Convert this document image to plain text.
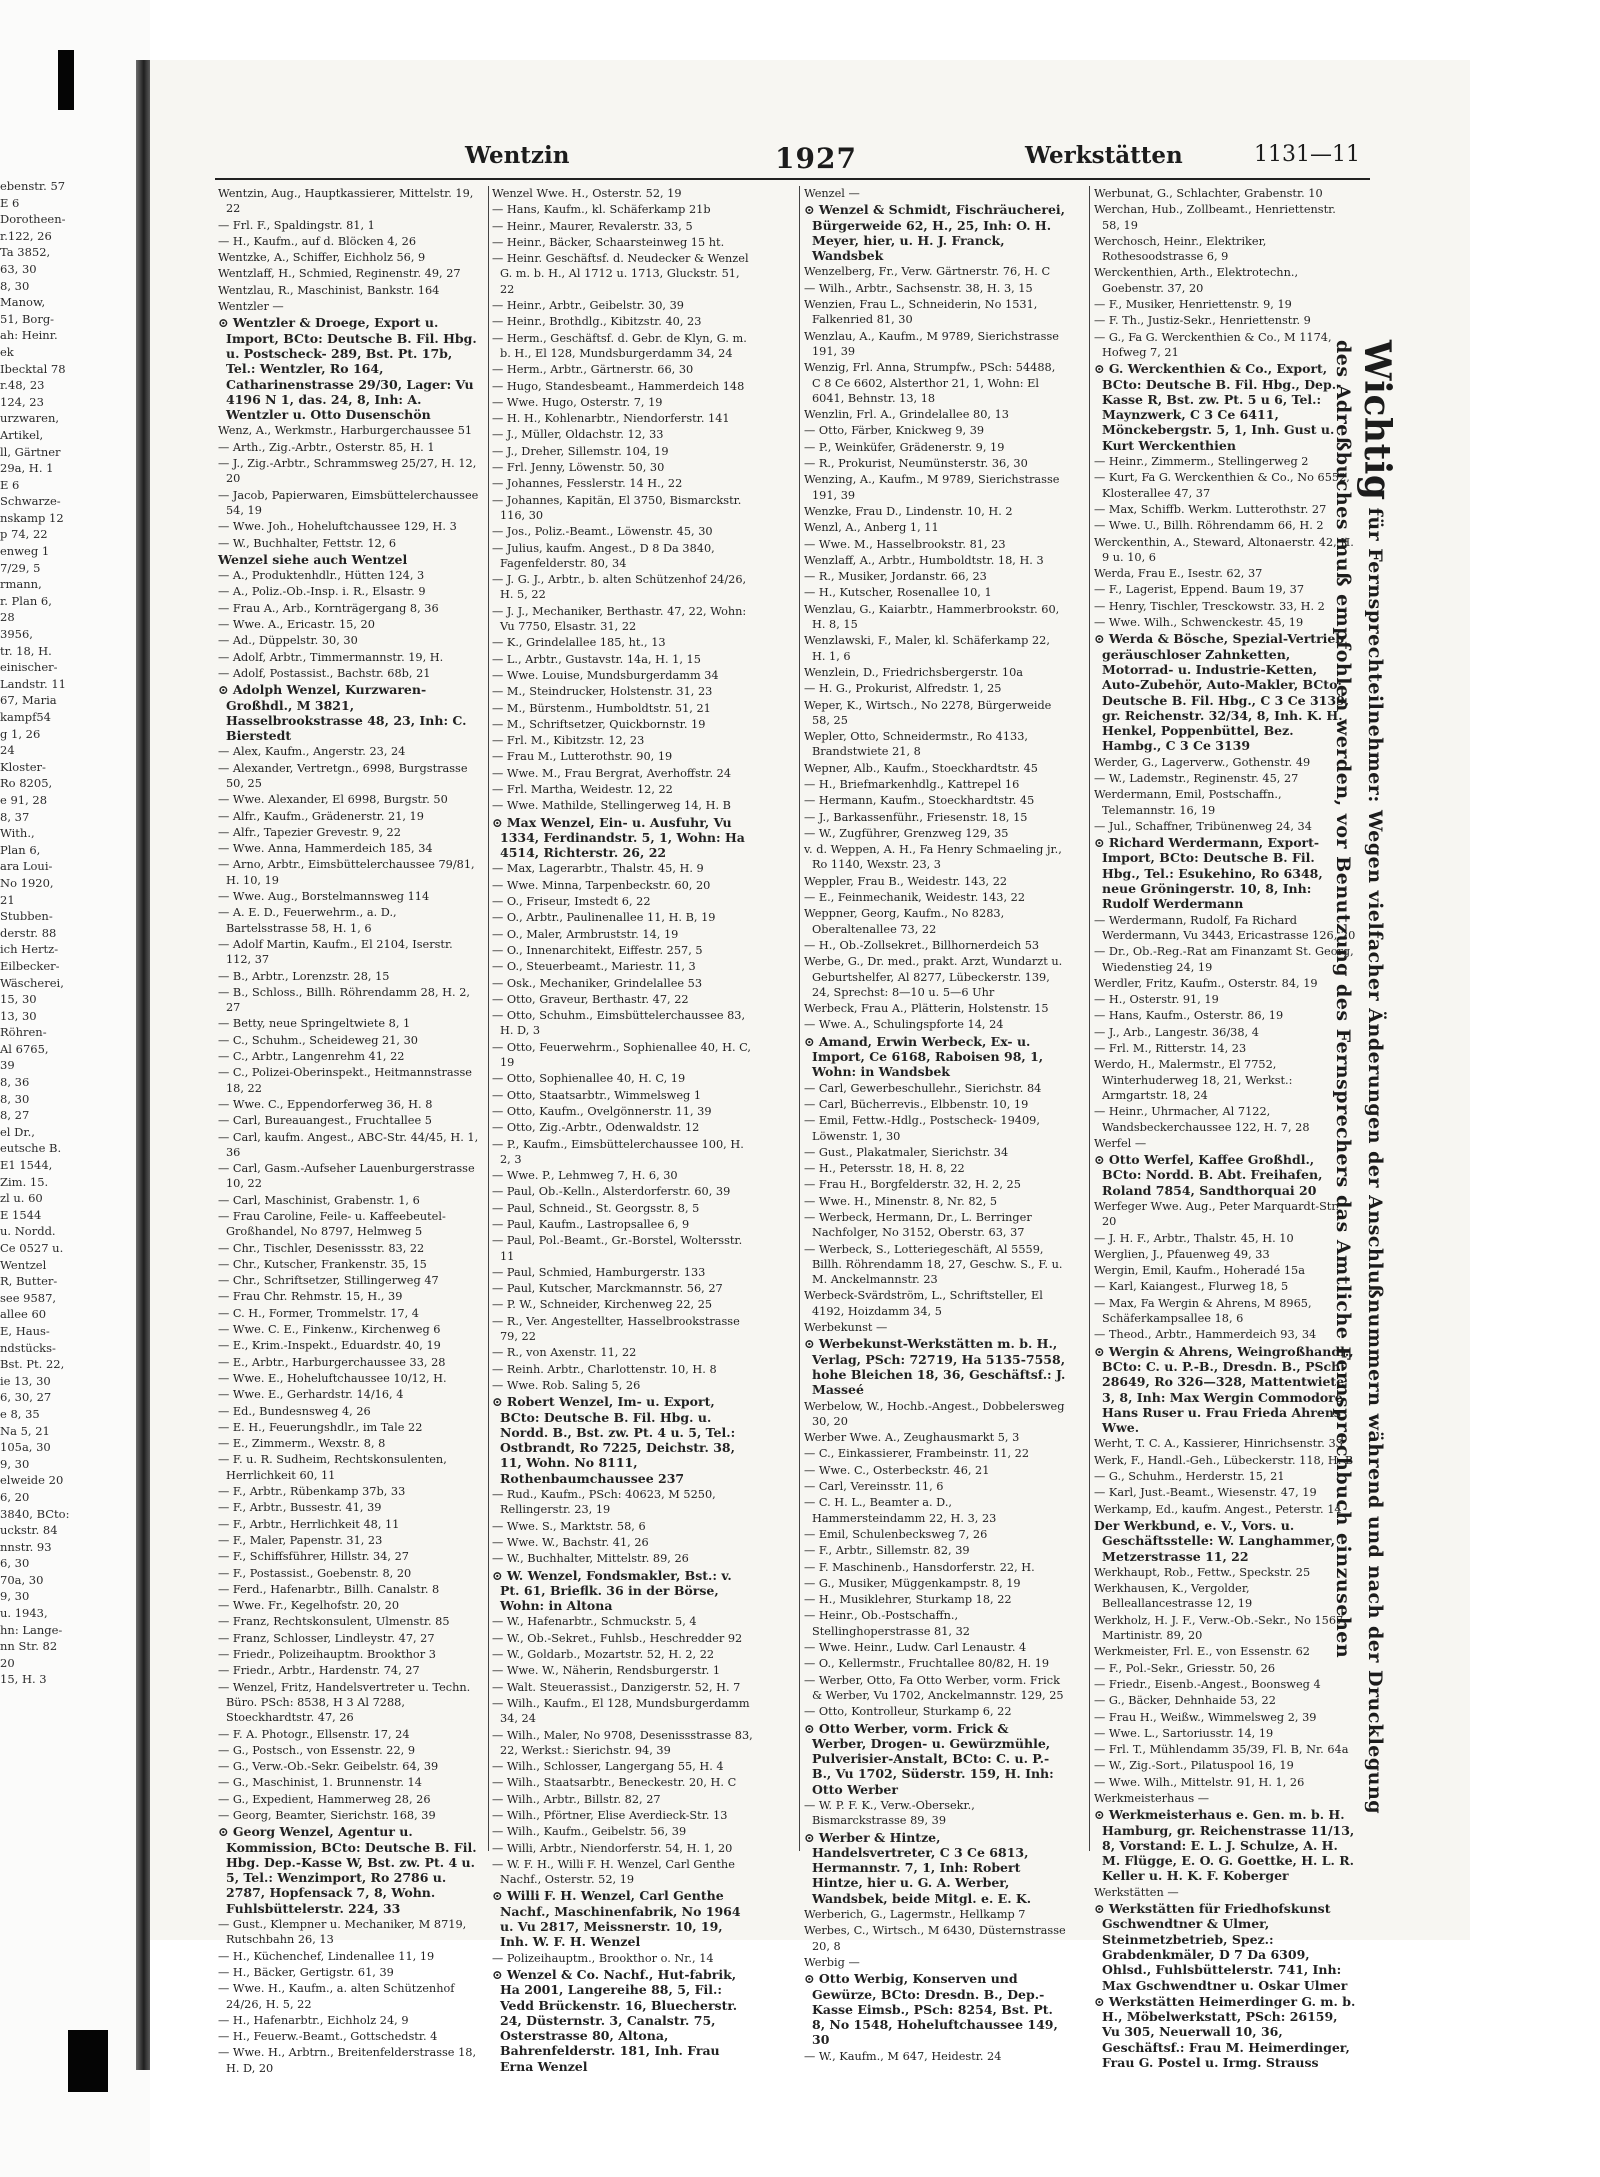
ebenstr. 57
E 6
Dorotheen-
r.122, 26
Ta 3852,
63, 30
8, 30
Manow,
51, Borg-
ah: Heinr.
ek
Ibecktal 78
r.48, 23
124, 23
urzwaren,
Artikel,
ll, Gärtner
29a, H. 1
E 6
Schwarze-
nskamp 12
p 74, 22
enweg 1
7/29, 5
rmann,
r. Plan 6,
28
3956,
tr. 18, H.
einischer-
Landstr. 11
67, Maria
kampf54
g 1, 26
24
Kloster-
Ro 8205,
e 91, 28
8, 37
With.,
Plan 6,
ara Loui-
No 1920,
21
Stubben-
derstr. 88
ich Hertz-
Eilbecker-
Wäscherei,
15, 30
13, 30
Röhren-
Al 6765,
39
8, 36
8, 30
8, 27
el Dr.,
eutsche B.
E1 1544,
Zim. 15.
zl u. 60
E 1544
u. Nordd.
Ce 0527 u.
Wentzel
R, Butter-
see 9587,
allee 60
E, Haus-
ndstücks-
Bst. Pt. 22,
ie 13, 30
6, 30, 27
e 8, 35
Na 5, 21
105a, 30
9, 30
elweide 20
6, 20
3840, BCto:
uckstr. 84
nnstr. 93
6, 30
70a, 30
9, 30
u. 1943,
hn: Lange-
nn Str. 82
20
15, H. 3
Wentzin	1927	Werkstätten	1131—11
Wentzin, Aug., Hauptkassierer, Mittelstr. 19, 22
— Frl. F., Spaldingstr. 81, 1
— H., Kaufm., auf d. Blöcken 4, 26
Wentzke, A., Schiffer, Eichholz 56, 9
Wentzlaff, H., Schmied, Reginenstr. 49, 27
Wentzlau, R., Maschinist, Bankstr. 164
Wentzler —
⊙ Wentzler & Droege, Export u. Import, BCto: Deutsche B. Fil. Hbg. u. Postscheck- 289, Bst. Pt. 17b, Tel.: Wentzler, Ro 164, Catharinenstrasse 29/30, Lager: Vu 4196 N 1, das. 24, 8, Inh: A. Wentzler u. Otto Dusenschön
Wenz, A., Werkmstr., Harburgerchaussee 51
— Arth., Zig.-Arbtr., Osterstr. 85, H. 1
— J., Zig.-Arbtr., Schrammsweg 25/27, H. 12, 20
— Jacob, Papierwaren, Eimsbüttelerchaussee 54, 19
— Wwe. Joh., Hoheluftchaussee 129, H. 3
— W., Buchhalter, Fettstr. 12, 6
Wenzel siehe auch Wentzel
— A., Produktenhdlr., Hütten 124, 3
— A., Poliz.-Ob.-Insp. i. R., Elsastr. 9
— Frau A., Arb., Kornträgergang 8, 36
— Wwe. A., Ericastr. 15, 20
— Ad., Düppelstr. 30, 30
— Adolf, Arbtr., Timmermannstr. 19, H.
— Adolf, Postassist., Bachstr. 68b, 21
⊙ Adolph Wenzel, Kurzwaren-Großhdl., M 3821, Hasselbrookstrasse 48, 23, Inh: C. Bierstedt
— Alex, Kaufm., Angerstr. 23, 24
— Alexander, Vertretgn., 6998, Burgstrasse 50, 25
— Wwe. Alexander, El 6998, Burgstr. 50
— Alfr., Kaufm., Grädenerstr. 21, 19
— Alfr., Tapezier Grevestr. 9, 22
— Wwe. Anna, Hammerdeich 185, 34
— Arno, Arbtr., Eimsbüttelerchaussee 79/81, H. 10, 19
— Wwe. Aug., Borstelmannsweg 114
— A. E. D., Feuerwehrm., a. D., Bartelsstrasse 58, H. 1, 6
— Adolf Martin, Kaufm., El 2104, Iserstr. 112, 37
— B., Arbtr., Lorenzstr. 28, 15
— B., Schloss., Billh. Röhrendamm 28, H. 2, 27
— Betty, neue Springeltwiete 8, 1
— C., Schuhm., Scheideweg 21, 30
— C., Arbtr., Langenrehm 41, 22
— C., Polizei-Oberinspekt., Heitmannstrasse 18, 22
— Wwe. C., Eppendorferweg 36, H. 8
— Carl, Bureauangest., Fruchtallee 5
— Carl, kaufm. Angest., ABC-Str. 44/45, H. 1, 36
— Carl, Gasm.-Aufseher Lauenburgerstrasse 10, 22
— Carl, Maschinist, Grabenstr. 1, 6
— Frau Caroline, Feile- u. Kaffeebeutel-Großhandel, No 8797, Helmweg 5
— Chr., Tischler, Desenissstr. 83, 22
— Chr., Kutscher, Frankenstr. 35, 15
— Chr., Schriftsetzer, Stillingerweg 47
— Frau Chr. Rehmstr. 15, H., 39
— C. H., Former, Trommelstr. 17, 4
— Wwe. C. E., Finkenw., Kirchenweg 6
— E., Krim.-Inspekt., Eduardstr. 40, 19
— E., Arbtr., Harburgerchaussee 33, 28
— Wwe. E., Hoheluftchaussee 10/12, H.
— Wwe. E., Gerhardstr. 14/16, 4
— Ed., Bundesnsweg 4, 26
— E. H., Feuerungshdlr., im Tale 22
— E., Zimmerm., Wexstr. 8, 8
— F. u. R. Sudheim, Rechtskonsulenten, Herrlichkeit 60, 11
— F., Arbtr., Rübenkamp 37b, 33
— F., Arbtr., Bussestr. 41, 39
— F., Arbtr., Herrlichkeit 48, 11
— F., Maler, Papenstr. 31, 23
— F., Schiffsführer, Hillstr. 34, 27
— F., Postassist., Goebenstr. 8, 20
— Ferd., Hafenarbtr., Billh. Canalstr. 8
— Wwe. Fr., Kegelhofstr. 20, 20
— Franz, Rechtskonsulent, Ulmenstr. 85
— Franz, Schlosser, Lindleystr. 47, 27
— Friedr., Polizeihauptm. Brookthor 3
— Friedr., Arbtr., Hardenstr. 74, 27
— Wenzel, Fritz, Handelsvertreter u. Techn. Büro. PSch: 8538, H 3 Al 7288, Stoeckhardtstr. 47, 26
— F. A. Photogr., Ellsenstr. 17, 24
— G., Postsch., von Essenstr. 22, 9
— G., Verw.-Ob.-Sekr. Geibelstr. 64, 39
— G., Maschinist, 1. Brunnenstr. 14
— G., Expedient, Hammerweg 28, 26
— Georg, Beamter, Sierichstr. 168, 39
⊙ Georg Wenzel, Agentur u. Kommission, BCto: Deutsche B. Fil. Hbg. Dep.-Kasse W, Bst. zw. Pt. 4 u. 5, Tel.: Wenzimport, Ro 2786 u. 2787, Hopfensack 7, 8, Wohn. Fuhlsbüttelerstr. 224, 33
— Gust., Klempner u. Mechaniker, M 8719, Rutschbahn 26, 13
— H., Küchenchef, Lindenallee 11, 19
— H., Bäcker, Gertigstr. 61, 39
— Wwe. H., Kaufm., a. alten Schützenhof 24/26, H. 5, 22
— H., Hafenarbtr., Eichholz 24, 9
— H., Feuerw.-Beamt., Gottschedstr. 4
— Wwe. H., Arbtrn., Breitenfelderstrasse 18, H. D, 20
Wenzel Wwe. H., Osterstr. 52, 19
— Hans, Kaufm., kl. Schäferkamp 21b
— Heinr., Maurer, Revalerstr. 33, 5
— Heinr., Bäcker, Schaarsteinweg 15 ht.
— Heinr. Geschäftsf. d. Neudecker & Wenzel G. m. b. H., Al 1712 u. 1713, Gluckstr. 51, 22
— Heinr., Arbtr., Geibelstr. 30, 39
— Heinr., Brothdlg., Kibitzstr. 40, 23
— Herm., Geschäftsf. d. Gebr. de Klyn, G. m. b. H., El 128, Mundsburgerdamm 34, 24
— Herm., Arbtr., Gärtnerstr. 66, 30
— Hugo, Standesbeamt., Hammerdeich 148
— Wwe. Hugo, Osterstr. 7, 19
— H. H., Kohlenarbtr., Niendorferstr. 141
— J., Müller, Oldachstr. 12, 33
— J., Dreher, Sillemstr. 104, 19
— Frl. Jenny, Löwenstr. 50, 30
— Johannes, Fesslerstr. 14 H., 22
— Johannes, Kapitän, El 3750, Bismarckstr. 116, 30
— Jos., Poliz.-Beamt., Löwenstr. 45, 30
— Julius, kaufm. Angest., D 8 Da 3840, Fagenfelderstr. 80, 34
— J. G. J., Arbtr., b. alten Schützenhof 24/26, H. 5, 22
— J. J., Mechaniker, Berthastr. 47, 22, Wohn: Vu 7750, Elsastr. 31, 22
— K., Grindelallee 185, ht., 13
— L., Arbtr., Gustavstr. 14a, H. 1, 15
— Wwe. Louise, Mundsburgerdamm 34
— M., Steindrucker, Holstenstr. 31, 23
— M., Bürstenm., Humboldtstr. 51, 21
— M., Schriftsetzer, Quickbornstr. 19
— Frl. M., Kibitzstr. 12, 23
— Frau M., Lutterothstr. 90, 19
— Wwe. M., Frau Bergrat, Averhoffstr. 24
— Frl. Martha, Weidestr. 12, 22
— Wwe. Mathilde, Stellingerweg 14, H. B
⊙ Max Wenzel, Ein- u. Ausfuhr, Vu 1334, Ferdinandstr. 5, 1, Wohn: Ha 4514, Richterstr. 26, 22
— Max, Lagerarbtr., Thalstr. 45, H. 9
— Wwe. Minna, Tarpenbeckstr. 60, 20
— O., Friseur, Imstedt 6, 22
— O., Arbtr., Paulinenallee 11, H. B, 19
— O., Maler, Armbruststr. 14, 19
— O., Innenarchitekt, Eiffestr. 257, 5
— O., Steuerbeamt., Mariestr. 11, 3
— Osk., Mechaniker, Grindelallee 53
— Otto, Graveur, Berthastr. 47, 22
— Otto, Schuhm., Eimsbüttelerchaussee 83, H. D, 3
— Otto, Feuerwehrm., Sophienallee 40, H. C, 19
— Otto, Sophienallee 40, H. C, 19
— Otto, Staatsarbtr., Wimmelsweg 1
— Otto, Kaufm., Ovelgönnerstr. 11, 39
— Otto, Zig.-Arbtr., Odenwaldstr. 12
— P., Kaufm., Eimsbüttelerchaussee 100, H. 2, 3
— Wwe. P., Lehmweg 7, H. 6, 30
— Paul, Ob.-Kelln., Alsterdorferstr. 60, 39
— Paul, Schneid., St. Georgsstr. 8, 5
— Paul, Kaufm., Lastropsallee 6, 9
— Paul, Pol.-Beamt., Gr.-Borstel, Woltersstr. 11
— Paul, Schmied, Hamburgerstr. 133
— Paul, Kutscher, Marckmannstr. 56, 27
— P. W., Schneider, Kirchenweg 22, 25
— R., Ver. Angestellter, Hasselbrookstrasse 79, 22
— R., von Axenstr. 11, 22
— Reinh. Arbtr., Charlottenstr. 10, H. 8
— Wwe. Rob. Saling 5, 26
⊙ Robert Wenzel, Im- u. Export, BCto: Deutsche B. Fil. Hbg. u. Nordd. B., Bst. zw. Pt. 4 u. 5, Tel.: Ostbrandt, Ro 7225, Deichstr. 38, 11, Wohn. No 8111, Rothenbaumchaussee 237
— Rud., Kaufm., PSch: 40623, M 5250, Rellingerstr. 23, 19
— Wwe. S., Marktstr. 58, 6
— Wwe. W., Bachstr. 41, 26
— W., Buchhalter, Mittelstr. 89, 26
⊙ W. Wenzel, Fondsmakler, Bst.: v. Pt. 61, Brieflk. 36 in der Börse, Wohn: in Altona
— W., Hafenarbtr., Schmuckstr. 5, 4
— W., Ob.-Sekret., Fuhlsb., Heschredder 92
— W., Goldarb., Mozartstr. 52, H. 2, 22
— Wwe. W., Näherin, Rendsburgerstr. 1
— Walt. Steuerassist., Danzigerstr. 52, H. 7
— Wilh., Kaufm., El 128, Mundsburgerdamm 34, 24
— Wilh., Maler, No 9708, Desenissstrasse 83, 22, Werkst.: Sierichstr. 94, 39
— Wilh., Schlosser, Langergang 55, H. 4
— Wilh., Staatsarbtr., Beneckestr. 20, H. C
— Wilh., Arbtr., Billstr. 82, 27
— Wilh., Pförtner, Elise Averdieck-Str. 13
— Wilh., Kaufm., Geibelstr. 56, 39
— Willi, Arbtr., Niendorferstr. 54, H. 1, 20
— W. F. H., Willi F. H. Wenzel, Carl Genthe Nachf., Osterstr. 52, 19
⊙ Willi F. H. Wenzel, Carl Genthe Nachf., Maschinenfabrik, No 1964 u. Vu 2817, Meissnerstr. 10, 19, Inh. W. F. H. Wenzel
— Polizeihauptm., Brookthor o. Nr., 14
⊙ Wenzel & Co. Nachf., Hut-fabrik, Ha 2001, Langereihe 88, 5, Fil.: Vedd Brückenstr. 16, Bluecherstr. 24, Düsternstr. 3, Canalstr. 75, Osterstrasse 80, Altona, Bahrenfelderstr. 181, Inh. Frau Erna Wenzel
Wenzel —
⊙ Wenzel & Schmidt, Fischräucherei, Bürgerweide 62, H., 25, Inh: O. H. Meyer, hier, u. H. J. Franck, Wandsbek
Wenzelberg, Fr., Verw. Gärtnerstr. 76, H. C
— Wilh., Arbtr., Sachsenstr. 38, H. 3, 15
Wenzien, Frau L., Schneiderin, No 1531, Falkenried 81, 30
Wenzlau, A., Kaufm., M 9789, Sierichstrasse 191, 39
Wenzig, Frl. Anna, Strumpfw., PSch: 54488, C 8 Ce 6602, Alsterthor 21, 1, Wohn: El 6041, Behnstr. 13, 18
Wenzlin, Frl. A., Grindelallee 80, 13
— Otto, Färber, Knickweg 9, 39
— P., Weinküfer, Grädenerstr. 9, 19
— R., Prokurist, Neumünsterstr. 36, 30
Wenzing, A., Kaufm., M 9789, Sierichstrasse 191, 39
Wenzke, Frau D., Lindenstr. 10, H. 2
Wenzl, A., Anberg 1, 11
— Wwe. M., Hasselbrookstr. 81, 23
Wenzlaff, A., Arbtr., Humboldtstr. 18, H. 3
— R., Musiker, Jordanstr. 66, 23
— H., Kutscher, Rosenallee 10, 1
Wenzlau, G., Kaiarbtr., Hammerbrookstr. 60, H. 8, 15
Wenzlawski, F., Maler, kl. Schäferkamp 22, H. 1, 6
Wenzlein, D., Friedrichsbergerstr. 10a
— H. G., Prokurist, Alfredstr. 1, 25
Weper, K., Wirtsch., No 2278, Bürgerweide 58, 25
Wepler, Otto, Schneidermstr., Ro 4133, Brandstwiete 21, 8
Wepner, Alb., Kaufm., Stoeckhardtstr. 45
— H., Briefmarkenhdlg., Kattrepel 16
— Hermann, Kaufm., Stoeckhardtstr. 45
— J., Barkassenführ., Friesenstr. 18, 15
— W., Zugführer, Grenzweg 129, 35
v. d. Weppen, A. H., Fa Henry Schmaeling jr., Ro 1140, Wexstr. 23, 3
Weppler, Frau B., Weidestr. 143, 22
— E., Feinmechanik, Weidestr. 143, 22
Weppner, Georg, Kaufm., No 8283, Oberaltenallee 73, 22
— H., Ob.-Zollsekret., Billhornerdeich 53
Werbe, G., Dr. med., prakt. Arzt, Wundarzt u. Geburtshelfer, Al 8277, Lübeckerstr. 139, 24, Sprechst: 8—10 u. 5—6 Uhr
Werbeck, Frau A., Plätterin, Holstenstr. 15
— Wwe. A., Schulingspforte 14, 24
⊙ Amand, Erwin Werbeck, Ex- u. Import, Ce 6168, Raboisen 98, 1, Wohn: in Wandsbek
— Carl, Gewerbeschullehr., Sierichstr. 84
— Carl, Bücherrevis., Elbbenstr. 10, 19
— Emil, Fettw.-Hdlg., Postscheck- 19409, Löwenstr. 1, 30
— Gust., Plakatmaler, Sierichstr. 34
— H., Petersstr. 18, H. 8, 22
— Frau H., Borgfelderstr. 32, H. 2, 25
— Wwe. H., Minenstr. 8, Nr. 82, 5
— Werbeck, Hermann, Dr., L. Berringer Nachfolger, No 3152, Oberstr. 63, 37
— Werbeck, S., Lotteriegeschäft, Al 5559, Billh. Röhrendamm 18, 27, Geschw. S., F. u. M. Anckelmannstr. 23
Werbeck-Svärdström, L., Schriftsteller, El 4192, Hoizdamm 34, 5
Werbekunst —
⊙ Werbekunst-Werkstätten m. b. H., Verlag, PSch: 72719, Ha 5135-7558, hohe Bleichen 18, 36, Geschäftsf.: J. Masseé
Werbelow, W., Hochb.-Angest., Dobbelersweg 30, 20
Werber Wwe. A., Zeughausmarkt 5, 3
— C., Einkassierer, Frambeinstr. 11, 22
— Wwe. C., Osterbeckstr. 46, 21
— Carl, Vereinsstr. 11, 6
— C. H. L., Beamter a. D., Hammersteindamm 22, H. 3, 23
— Emil, Schulenbecksweg 7, 26
— F., Arbtr., Sillemstr. 82, 39
— F. Maschinenb., Hansdorferstr. 22, H.
— G., Musiker, Müggenkampstr. 8, 19
— H., Musiklehrer, Sturkamp 18, 22
— Heinr., Ob.-Postschaffn., Stellinghoperstrasse 81, 32
— Wwe. Heinr., Ludw. Carl Lenaustr. 4
— O., Kellermstr., Fruchtallee 80/82, H. 19
— Werber, Otto, Fa Otto Werber, vorm. Frick & Werber, Vu 1702, Anckelmannstr. 129, 25
— Otto, Kontrolleur, Sturkamp 6, 22
⊙ Otto Werber, vorm. Frick & Werber, Drogen- u. Gewürzmühle, Pulverisier-Anstalt, BCto: C. u. P.-B., Vu 1702, Süderstr. 159, H. Inh: Otto Werber
— W. P. F. K., Verw.-Obersekr., Bismarckstrasse 89, 39
⊙ Werber & Hintze, Handelsvertreter, C 3 Ce 6813, Hermannstr. 7, 1, Inh: Robert Hintze, hier u. G. A. Werber, Wandsbek, beide Mitgl. e. E. K.
Werberich, G., Lagermstr., Hellkamp 7
Werbes, C., Wirtsch., M 6430, Düsternstrasse 20, 8
Werbig —
⊙ Otto Werbig, Konserven und Gewürze, BCto: Dresdn. B., Dep.-Kasse Eimsb., PSch: 8254, Bst. Pt. 8, No 1548, Hoheluftchaussee 149, 30
— W., Kaufm., M 647, Heidestr. 24
Werbunat, G., Schlachter, Grabenstr. 10
Werchan, Hub., Zollbeamt., Henriettenstr. 58, 19
Werchosch, Heinr., Elektriker, Rothesoodstrasse 6, 9
Werckenthien, Arth., Elektrotechn., Goebenstr. 37, 20
— F., Musiker, Henriettenstr. 9, 19
— F. Th., Justiz-Sekr., Henriettenstr. 9
— G., Fa G. Werckenthien & Co., M 1174, Hofweg 7, 21
⊙ G. Werckenthien & Co., Export, BCto: Deutsche B. Fil. Hbg., Dep.-Kasse R, Bst. zw. Pt. 5 u 6, Tel.: Maynzwerk, C 3 Ce 6411, Mönckebergstr. 5, 1, Inh. Gust u. Kurt Werckenthien
— Heinr., Zimmerm., Stellingerweg 2
— Kurt, Fa G. Werckenthien & Co., No 6552, Klosterallee 47, 37
— Max, Schiffb. Werkm. Lutterothstr. 27
— Wwe. U., Billh. Röhrendamm 66, H. 2
Werckenthin, A., Steward, Altonaerstr. 42, H. 9 u. 10, 6
Werda, Frau E., Isestr. 62, 37
— F., Lagerist, Eppend. Baum 19, 37
— Henry, Tischler, Tresckowstr. 33, H. 2
— Wwe. Wilh., Schwenckestr. 45, 19
⊙ Werda & Bösche, Spezial-Vertrieb geräuschloser Zahnketten, Motorrad- u. Industrie-Ketten, Auto-Zubehör, Auto-Makler, BCto: Deutsche B. Fil. Hbg., C 3 Ce 3139, gr. Reichenstr. 32/34, 8, Inh. K. H. Henkel, Poppenbüttel, Bez. Hambg., C 3 Ce 3139
Werder, G., Lagerverw., Gothenstr. 49
— W., Lademstr., Reginenstr. 45, 27
Werdermann, Emil, Postschaffn., Telemannstr. 16, 19
— Jul., Schaffner, Tribünenweg 24, 34
⊙ Richard Werdermann, Export-Import, BCto: Deutsche B. Fil. Hbg., Tel.: Esukehino, Ro 6348, neue Gröningerstr. 10, 8, Inh: Rudolf Werdermann
— Werdermann, Rudolf, Fa Richard Werdermann, Vu 3443, Ericastrasse 126, 20
— Dr., Ob.-Reg.-Rat am Finanzamt St. Georg, Wiedenstieg 24, 19
Werdler, Fritz, Kaufm., Osterstr. 84, 19
— H., Osterstr. 91, 19
— Hans, Kaufm., Osterstr. 86, 19
— J., Arb., Langestr. 36/38, 4
— Frl. M., Ritterstr. 14, 23
Werdo, H., Malermstr., El 7752, Winterhuderweg 18, 21, Werkst.: Armgartstr. 18, 24
— Heinr., Uhrmacher, Al 7122, Wandsbeckerchaussee 122, H. 7, 28
Werfel —
⊙ Otto Werfel, Kaffee Großhdl., BCto: Nordd. B. Abt. Freihafen, Roland 7854, Sandthorquai 20
Werfeger Wwe. Aug., Peter Marquardt-Str. 20
— J. H. F., Arbtr., Thalstr. 45, H. 10
Werglien, J., Pfauenweg 49, 33
Wergin, Emil, Kaufm., Hoheradé 15a
— Karl, Kaiangest., Flurweg 18, 5
— Max, Fa Wergin & Ahrens, M 8965, Schäferkampsallee 18, 6
— Theod., Arbtr., Hammerdeich 93, 34
⊙ Wergin & Ahrens, Weingroßhandl., BCto: C. u. P.-B., Dresdn. B., PSch: 28649, Ro 326—328, Mattentwiete 3, 8, Inh: Max Wergin Commodore Hans Ruser u. Frau Frieda Ahrens Wwe.
Werht, T. C. A., Kassierer, Hinrichsenstr. 33
Werk, F., Handl.-Geh., Lübeckerstr. 118, H. B
— G., Schuhm., Herderstr. 15, 21
— Karl, Just.-Beamt., Wiesenstr. 47, 19
Werkamp, Ed., kaufm. Angest., Peterstr. 14
Der Werkbund, e. V., Vors. u. Geschäftsstelle: W. Langhammer, Metzerstrasse 11, 22
Werkhaupt, Rob., Fettw., Speckstr. 25
Werkhausen, K., Vergolder, Belleallancestrasse 12, 19
Werkholz, H. J. F., Verw.-Ob.-Sekr., No 1567, Martinistr. 89, 20
Werkmeister, Frl. E., von Essenstr. 62
— F., Pol.-Sekr., Griesstr. 50, 26
— Friedr., Eisenb.-Angest., Boonsweg 4
— G., Bäcker, Dehnhaide 53, 22
— Frau H., Weißw., Wimmelsweg 2, 39
— Wwe. L., Sartoriusstr. 14, 19
— Frl. T., Mühlendamm 35/39, Fl. B, Nr. 64a
— W., Zig.-Sort., Pilatuspool 16, 19
— Wwe. Wilh., Mittelstr. 91, H. 1, 26
Werkmeisterhaus —
⊙ Werkmeisterhaus e. Gen. m. b. H. Hamburg, gr. Reichenstrasse 11/13, 8, Vorstand: E. L. J. Schulze, A. H. M. Flügge, E. O. G. Goettke, H. L. R. Keller u. H. K. F. Koberger
Werkstätten —
⊙ Werkstätten für Friedhofskunst Gschwendtner & Ulmer, Steinmetzbetrieb, Spez.: Grabdenkmäler, D 7 Da 6309, Ohlsd., Fuhlsbüttelerstr. 741, Inh: Max Gschwendtner u. Oskar Ulmer
⊙ Werkstätten Heimerdinger G. m. b. H., Möbelwerkstatt, PSch: 26159, Vu 305, Neuerwall 10, 36, Geschäftsf.: Frau M. Heimerdinger, Frau G. Postel u. Irmg. Strauss
Wichtig für Fernsprechteilnehmer: Wegen vielfacher Änderungen der Anschlußnummern während und nach der Drucklegung
des Adreßbuches muß empfohlen werden, vor Benutzung des Fernsprechers das Amtliche Fernsprechbuch einzusehen
